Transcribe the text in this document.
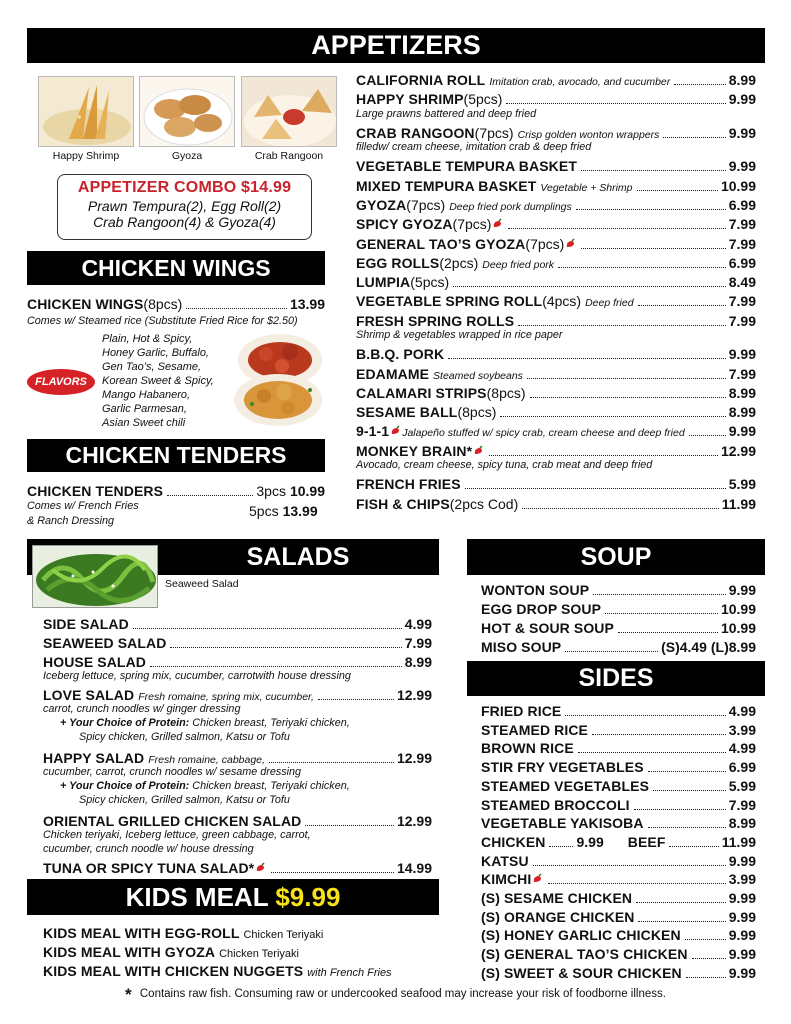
APPETIZERS
Happy Shrimp	Gyoza	Crab Rangoon
APPETIZER COMBO $14.99
Prawn Tempura(2), Egg Roll(2)
Crab Rangoon(4) & Gyoza(4)
CHICKEN WINGS
CHICKEN WINGS (8pcs)	13.99
Comes w/ Steamed rice (Substitute Fried Rice for $2.50)
FLAVORS
Plain, Hot & Spicy,
Honey Garlic, Buffalo,
Gen Tao’s, Sesame,
Korean Sweet & Spicy,
Mango Habanero,
Garlic Parmesan,
Asian Sweet chili
CHICKEN TENDERS
CHICKEN TENDERS	3pcs 10.99
5pcs 13.99
Comes w/ French Fries
& Ranch Dressing
SALADS
Seaweed Salad
KIDS MEAL $9.99
SOUP
SIDES
* Contains raw fish. Consuming raw or undercooked seafood may increase your risk of foodborne illness.
CALIFORNIA ROLL Imitation crab, avocado, and cucumber	8.99
HAPPY SHRIMP (5pcs)	9.99
Large prawns battered and deep fried
CRAB RANGOON (7pcs) Crisp golden wonton wrappers	9.99
filledw/ cream cheese, imitation crab & deep fried
VEGETABLE TEMPURA BASKET	9.99
MIXED TEMPURA BASKET Vegetable + Shrimp	10.99
GYOZA (7pcs) Deep fried pork dumplings	6.99
SPICY GYOZA (7pcs)	7.99
GENERAL TAO’S GYOZA (7pcs)	7.99
EGG ROLLS (2pcs) Deep fried pork	6.99
LUMPIA (5pcs)	8.49
VEGETABLE SPRING ROLL (4pcs) Deep fried	7.99
FRESH SPRING ROLLS	7.99
Shrimp & vegetables wrapped in rice paper
B.B.Q. PORK	9.99
EDAMAME Steamed soybeans	7.99
CALAMARI STRIPS (8pcs)	8.99
SESAME BALL (8pcs)	8.99
9-1-1 Jalapeño stuffed w/ spicy crab, cream cheese and deep fried	9.99
MONKEY BRAIN*	12.99
Avocado, cream cheese, spicy tuna, crab meat and deep fried
FRENCH FRIES	5.99
FISH & CHIPS (2pcs Cod)	11.99
SIDE SALAD	4.99
SEAWEED SALAD	7.99
HOUSE SALAD	8.99
Iceberg lettuce, spring mix, cucumber, carrotwith house dressing
LOVE SALAD Fresh romaine, spring mix, cucumber,	12.99
carrot, crunch noodles w/ ginger dressing
+ Your Choice of Protein: Chicken breast, Teriyaki chicken,
Spicy chicken, Grilled salmon, Katsu or Tofu
HAPPY SALAD Fresh romaine, cabbage,	12.99
cucumber, carrot, crunch noodles w/ sesame dressing
+ Your Choice of Protein: Chicken breast, Teriyaki chicken,
Spicy chicken, Grilled salmon, Katsu or Tofu
ORIENTAL GRILLED CHICKEN SALAD	12.99
Chicken teriyaki, Iceberg lettuce, green cabbage, carrot,
cucumber, crunch noodle w/ house dressing
TUNA OR SPICY TUNA SALAD*	14.99
KIDS MEAL WITH EGG-ROLL Chicken Teriyaki
KIDS MEAL WITH GYOZA Chicken Teriyaki
KIDS MEAL WITH CHICKEN NUGGETS with French Fries
WONTON SOUP	9.99
EGG DROP SOUP	10.99
HOT & SOUR SOUP	10.99
MISO SOUP	(S)4.49 (L)8.99
FRIED RICE	4.99
STEAMED RICE	3.99
BROWN RICE	4.99
STIR FRY VEGETABLES	6.99
STEAMED VEGETABLES	5.99
STEAMED BROCCOLI	7.99
VEGETABLE YAKISOBA	8.99
CHICKEN 9.99 BEEF	11.99
KATSU	9.99
KIMCHI	3.99
(S) SESAME CHICKEN	9.99
(S) ORANGE CHICKEN	9.99
(S) HONEY GARLIC CHICKEN	9.99
(S) GENERAL TAO’S CHICKEN	9.99
(S) SWEET & SOUR CHICKEN	9.99
